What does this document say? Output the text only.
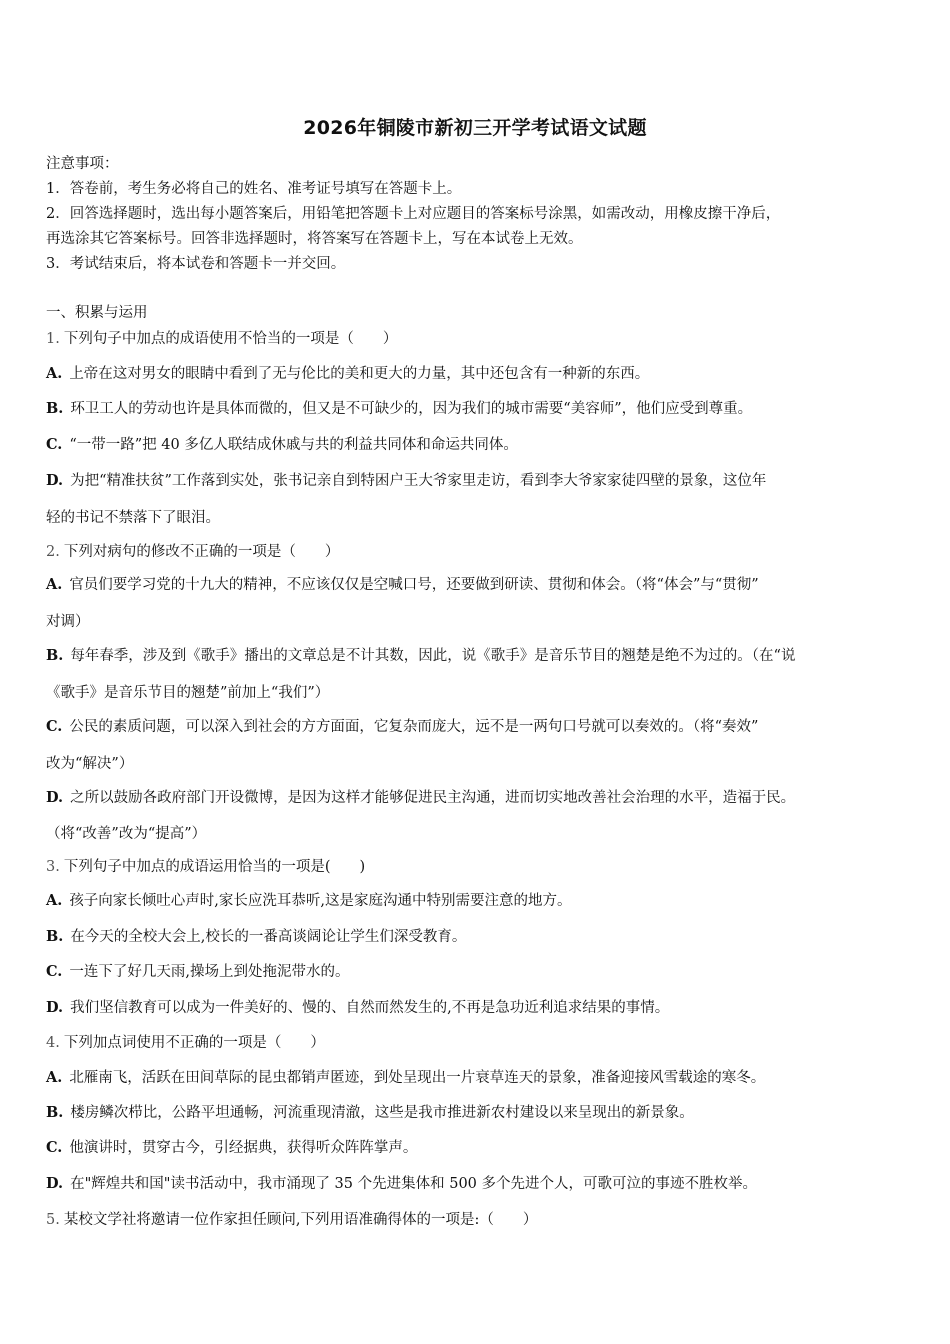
2026年铜陵市新初三开学考试语文试题
注意事项：
1．答卷前，考生务必将自己的姓名、准考证号填写在答题卡上。
2．回答选择题时，选出每小题答案后，用铅笔把答题卡上对应题目的答案标号涂黑，如需改动，用橡皮擦干净后，
再选涂其它答案标号。回答非选择题时，将答案写在答题卡上，写在本试卷上无效。
3．考试结束后，将本试卷和答题卡一并交回。
一、积累与运用
1. 下列句子中加点的成语使用不恰当的一项是（　　）
A. 上帝在这对男女的眼睛中看到了无与伦比的美和更大的力量，其中还包含有一种新的东西。
B. 环卫工人的劳动也许是具体而微的，但又是不可缺少的，因为我们的城市需要“美容师”，他们应受到尊重。
C. “一带一路”把 40 多亿人联结成休戚与共的利益共同体和命运共同体。
D. 为把“精准扶贫”工作落到实处，张书记亲自到特困户王大爷家里走访，看到李大爷家家徒四壁的景象，这位年
轻的书记不禁落下了眼泪。
2. 下列对病句的修改不正确的一项是（　　）
A. 官员们要学习党的十九大的精神，不应该仅仅是空喊口号，还要做到研读、贯彻和体会。（将“体会”与“贯彻”
对调）
B. 每年春季，涉及到《歌手》播出的文章总是不计其数，因此，说《歌手》是音乐节目的翘楚是绝不为过的。（在“说
《歌手》是音乐节目的翘楚”前加上“我们”）
C. 公民的素质问题，可以深入到社会的方方面面，它复杂而庞大，远不是一两句口号就可以奏效的。（将“奏效”
改为“解决”）
D. 之所以鼓励各政府部门开设微博，是因为这样才能够促进民主沟通，进而切实地改善社会治理的水平，造福于民。
（将“改善”改为“提高”）
3. 下列句子中加点的成语运用恰当的一项是(　　)
A. 孩子向家长倾吐心声时,家长应洗耳恭听,这是家庭沟通中特别需要注意的地方。
B. 在今天的全校大会上,校长的一番高谈阔论让学生们深受教育。
C. 一连下了好几天雨,操场上到处拖泥带水的。
D. 我们坚信教育可以成为一件美好的、慢的、自然而然发生的,不再是急功近利追求结果的事情。
4. 下列加点词使用不正确的一项是（　　）
A. 北雁南飞，活跃在田间草际的昆虫都销声匿迹，到处呈现出一片衰草连天的景象，准备迎接风雪载途的寒冬。
B. 楼房鳞次栉比，公路平坦通畅，河流重现清澈，这些是我市推进新农村建设以来呈现出的新景象。
C. 他演讲时，贯穿古今，引经据典，获得听众阵阵掌声。
D. 在"辉煌共和国"读书活动中，我市涌现了 35 个先进集体和 500 多个先进个人，可歌可泣的事迹不胜枚举。
5. 某校文学社将邀请一位作家担任顾问,下列用语准确得体的一项是:（　　）
